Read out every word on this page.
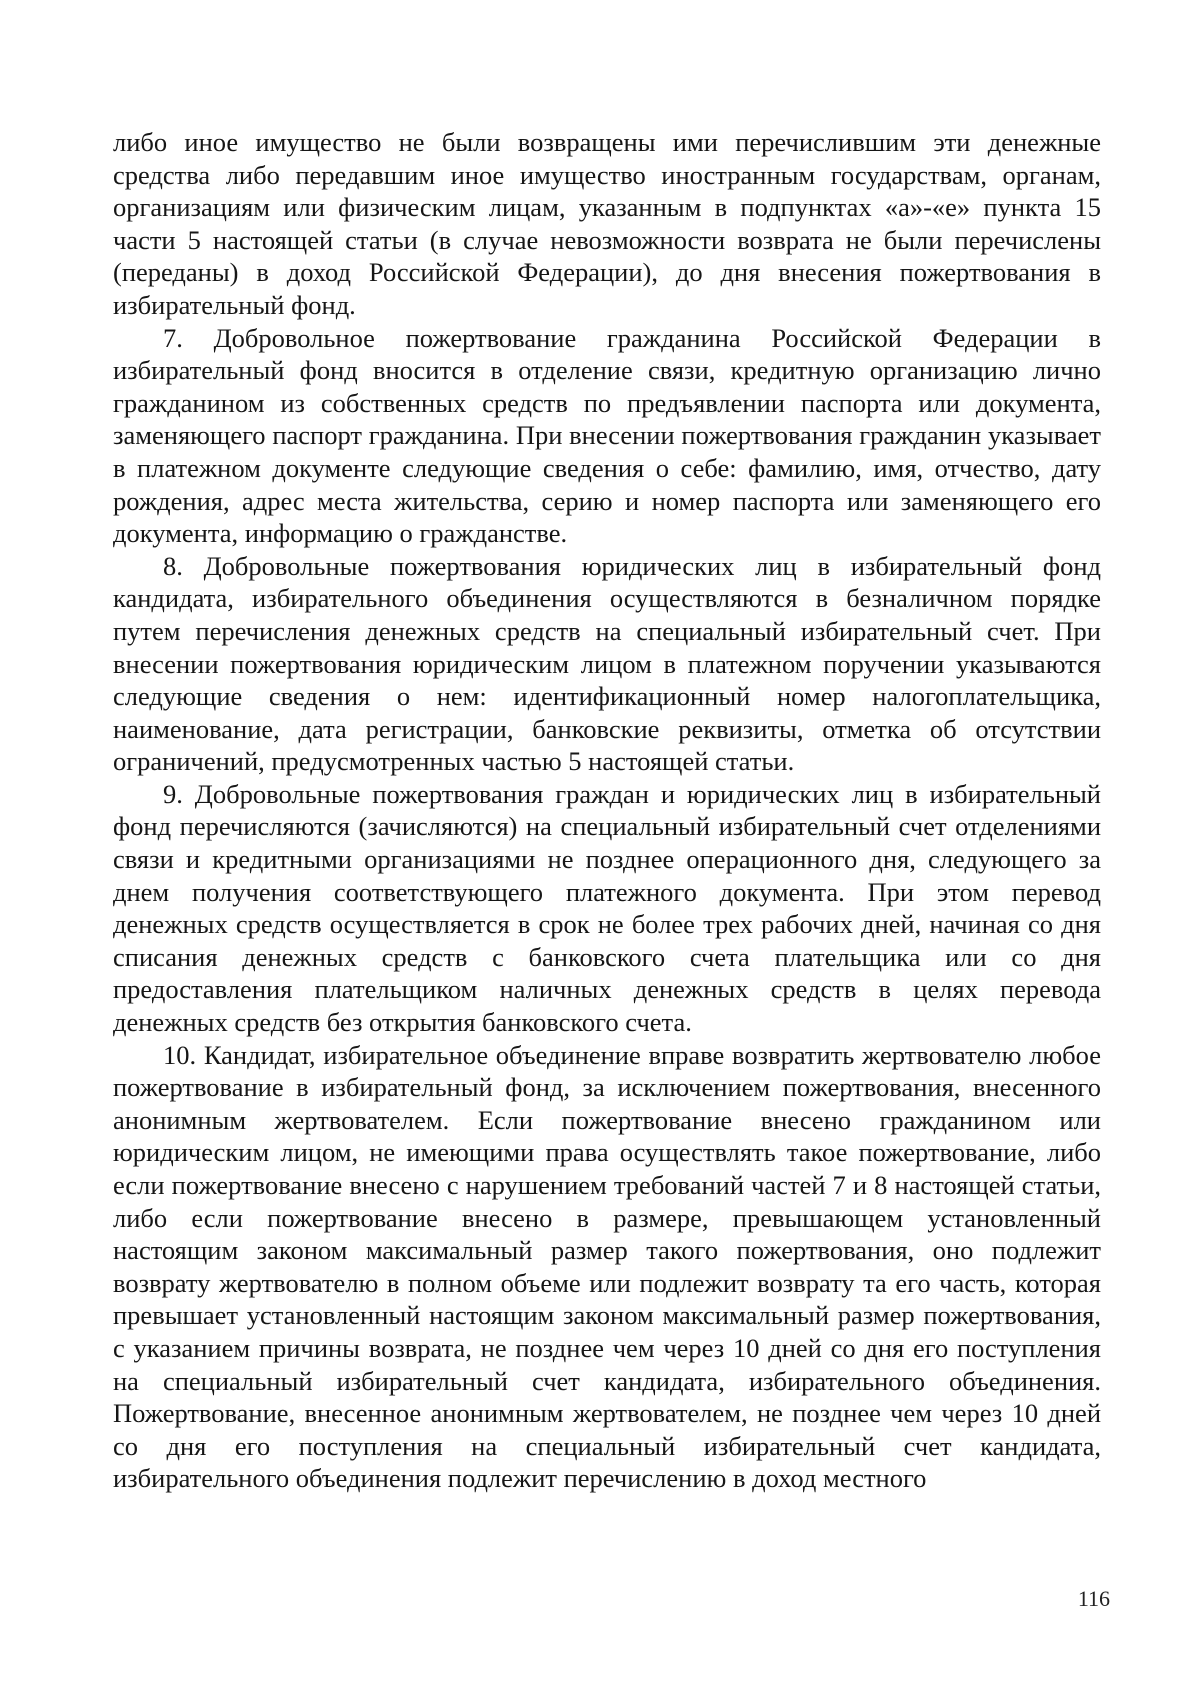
либо иное имущество не были возвращены ими перечислившим эти денежные средства либо передавшим иное имущество иностранным государствам, органам, организациям или физическим лицам, указанным в подпунктах «а»-«е» пункта 15 части 5 настоящей статьи (в случае невозможности возврата не были перечислены (переданы) в доход Российской Федерации), до дня внесения пожертвования в избирательный фонд.

7. Добровольное пожертвование гражданина Российской Федерации в избирательный фонд вносится в отделение связи, кредитную организацию лично гражданином из собственных средств по предъявлении паспорта или документа, заменяющего паспорт гражданина. При внесении пожертвования гражданин указывает в платежном документе следующие сведения о себе: фамилию, имя, отчество, дату рождения, адрес места жительства, серию и номер паспорта или заменяющего его документа, информацию о гражданстве.

8. Добровольные пожертвования юридических лиц в избирательный фонд кандидата, избирательного объединения осуществляются в безналичном порядке путем перечисления денежных средств на специальный избирательный счет. При внесении пожертвования юридическим лицом в платежном поручении указываются следующие сведения о нем: идентификационный номер налогоплательщика, наименование, дата регистрации, банковские реквизиты, отметка об отсутствии ограничений, предусмотренных частью 5 настоящей статьи.

9. Добровольные пожертвования граждан и юридических лиц в избирательный фонд перечисляются (зачисляются) на специальный избирательный счет отделениями связи и кредитными организациями не позднее операционного дня, следующего за днем получения соответствующего платежного документа. При этом перевод денежных средств осуществляется в срок не более трех рабочих дней, начиная со дня списания денежных средств с банковского счета плательщика или со дня предоставления плательщиком наличных денежных средств в целях перевода денежных средств без открытия банковского счета.

10. Кандидат, избирательное объединение вправе возвратить жертвователю любое пожертвование в избирательный фонд, за исключением пожертвования, внесенного анонимным жертвователем. Если пожертвование внесено гражданином или юридическим лицом, не имеющими права осуществлять такое пожертвование, либо если пожертвование внесено с нарушением требований частей 7 и 8 настоящей статьи, либо если пожертвование внесено в размере, превышающем установленный настоящим законом максимальный размер такого пожертвования, оно подлежит возврату жертвователю в полном объеме или подлежит возврату та его часть, которая превышает установленный настоящим законом максимальный размер пожертвования, с указанием причины возврата, не позднее чем через 10 дней со дня его поступления на специальный избирательный счет кандидата, избирательного объединения. Пожертвование, внесенное анонимным жертвователем, не позднее чем через 10 дней со дня его поступления на специальный избирательный счет кандидата, избирательного объединения подлежит перечислению в доход местного

116
